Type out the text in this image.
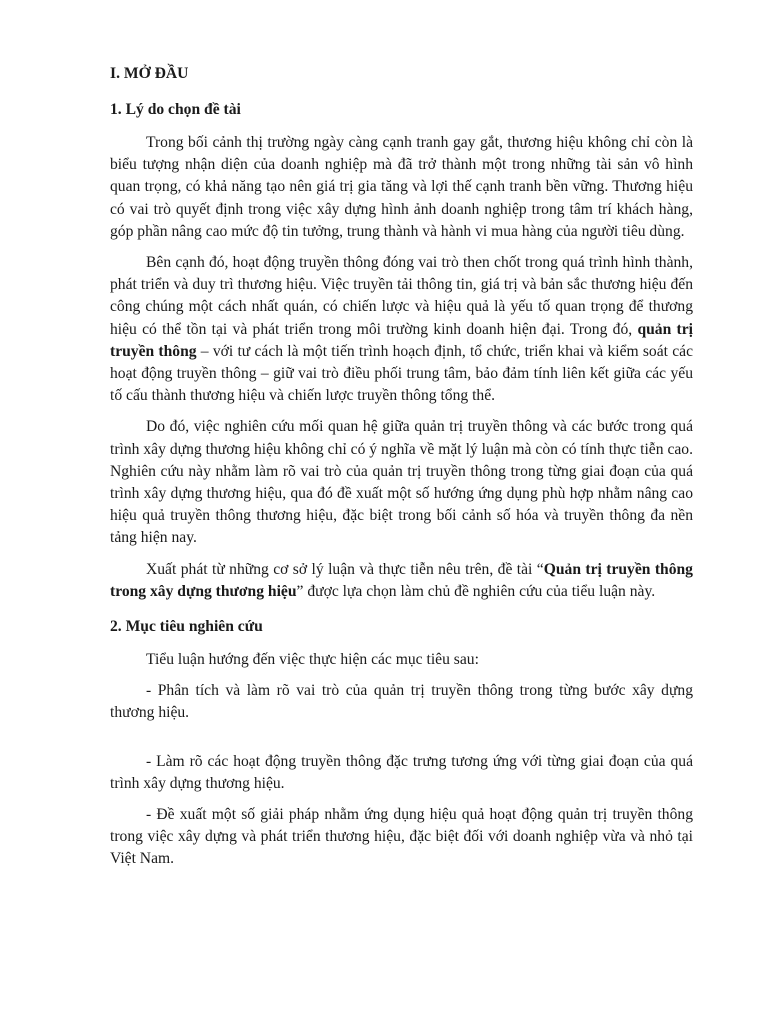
I. MỞ ĐẦU

1. Lý do chọn đề tài

Trong bối cảnh thị trường ngày càng cạnh tranh gay gắt, thương hiệu không chỉ còn là biểu tượng nhận diện của doanh nghiệp mà đã trở thành một trong những tài sản vô hình quan trọng, có khả năng tạo nên giá trị gia tăng và lợi thế cạnh tranh bền vững. Thương hiệu có vai trò quyết định trong việc xây dựng hình ảnh doanh nghiệp trong tâm trí khách hàng, góp phần nâng cao mức độ tin tưởng, trung thành và hành vi mua hàng của người tiêu dùng.

Bên cạnh đó, hoạt động truyền thông đóng vai trò then chốt trong quá trình hình thành, phát triển và duy trì thương hiệu. Việc truyền tải thông tin, giá trị và bản sắc thương hiệu đến công chúng một cách nhất quán, có chiến lược và hiệu quả là yếu tố quan trọng để thương hiệu có thể tồn tại và phát triển trong môi trường kinh doanh hiện đại. Trong đó, quản trị truyền thông – với tư cách là một tiến trình hoạch định, tổ chức, triển khai và kiểm soát các hoạt động truyền thông – giữ vai trò điều phối trung tâm, bảo đảm tính liên kết giữa các yếu tố cấu thành thương hiệu và chiến lược truyền thông tổng thể.

Do đó, việc nghiên cứu mối quan hệ giữa quản trị truyền thông và các bước trong quá trình xây dựng thương hiệu không chỉ có ý nghĩa về mặt lý luận mà còn có tính thực tiễn cao. Nghiên cứu này nhằm làm rõ vai trò của quản trị truyền thông trong từng giai đoạn của quá trình xây dựng thương hiệu, qua đó đề xuất một số hướng ứng dụng phù hợp nhằm nâng cao hiệu quả truyền thông thương hiệu, đặc biệt trong bối cảnh số hóa và truyền thông đa nền tảng hiện nay.

Xuất phát từ những cơ sở lý luận và thực tiễn nêu trên, đề tài “Quản trị truyền thông trong xây dựng thương hiệu” được lựa chọn làm chủ đề nghiên cứu của tiểu luận này.

2. Mục tiêu nghiên cứu

Tiểu luận hướng đến việc thực hiện các mục tiêu sau:

- Phân tích và làm rõ vai trò của quản trị truyền thông trong từng bước xây dựng thương hiệu.

- Làm rõ các hoạt động truyền thông đặc trưng tương ứng với từng giai đoạn của quá trình xây dựng thương hiệu.

- Đề xuất một số giải pháp nhằm ứng dụng hiệu quả hoạt động quản trị truyền thông trong việc xây dựng và phát triển thương hiệu, đặc biệt đối với doanh nghiệp vừa và nhỏ tại Việt Nam.
